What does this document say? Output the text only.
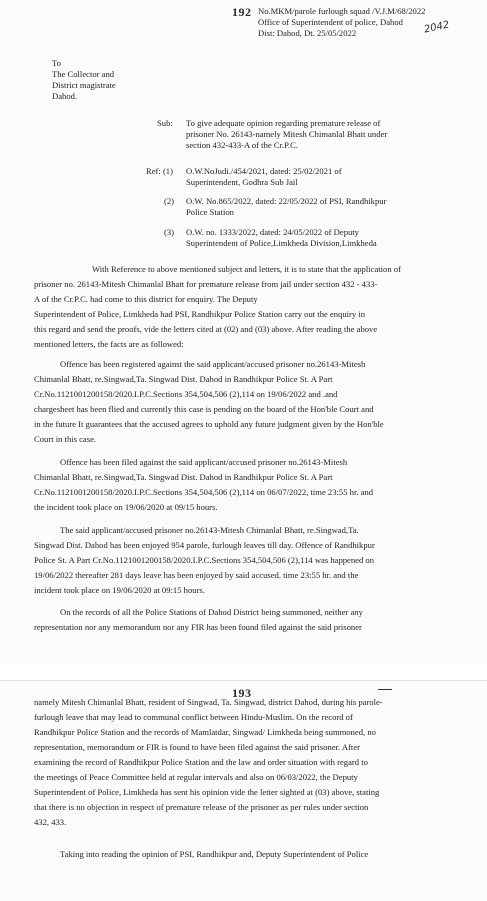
192
2042
No.MKM/parole furlough squad /V.J.M/68/2022
Office of Superintendent of police, Dahod
Dist: Dahod, Dt. 25/05/2022
To
The Collector and
District magistrate
Dahod.
Sub: To give adequate opinion regarding premature release of
prisoner No. 26143-namely Mitesh Chimanlal Bhatt under
section 432-433-A of the Cr.P.C.
Ref: (1) O.W.NoJudi./454/2021, dated: 25/02/2021 of
Superintendent, Godhra Sub Jail
(2) O.W. No.865/2022, dated: 22/05/2022 of PSI, Randhikpur
Police Station
(3) O.W. no. 1333/2022, dated: 24/05/2022 of Deputy
Superintendent of Police,Limkheda Division,Limkheda
With Reference to above mentioned subject and letters, it is to state that the application of
prisoner no. 26143-Mitesh Chimanlal Bhatt for premature release from jail under section 432 - 433-
A of the Cr.P.C. had come to this district for enquiry. The Deputy
Superintendent of Police, Limkheda had PSI, Randhikpur Police Station carry out the enquiry in
this regard and send the proofs, vide the letters cited at (02) and (03) above. After reading the above
mentioned letters, the facts are as followed:
Offence has been registered against the said applicant/accused prisoner no.26143-Mitesh
Chimanlal Bhatt, re.Singwad,Ta. Singwad Dist. Dahod in Randhikpur Police St. A Part
Cr.No.1121001200158/2020.I.P.C.Sections 354,504,506 (2),114 on 19/06/2022 and .and
chargesheet has been flied and currently this case is pending on the board of the Hon'ble Court and
in the future It guarantees that the accused agrees to uphold any future judgment given by the Hon'ble
Court in this case.
Offence has been filed against the said applicant/accused prisoner no.26143-Mitesh
Chimanlal Bhatt, re.Singwad,Ta. Singwad Dist. Dahod in Randhikpur Police St. A Part
Cr.No.1121001200158/2020.I.P.C.Sections 354,504,506 (2),114 on 06/07/2022, time 23:55 hr. and
the incident took place on 19/06/2020 at 09/15 hours.
The said applicant/accused prisoner no.26143-Mitesh Chimanlal Bhatt, re.Singwad,Ta.
Singwad Dist. Dahod has been enjoyed 954 parole, furlough leaves till day. Offence of Randhikpur
Police St. A Part Cr.No.1121001200158/2020.I.P.C.Sections 354,504,506 (2),114 was happened on
19/06/2022 thereafter 281 days leave has been enjoyed by said accused. time 23:55 hr. and the
incident took place on 19/06/2020 at 09:15 hours.
On the records of all the Police Stations of Dahod District being summoned, neither any
representation nor any memorandum nor any FIR has been found filed against the said prisoner
193
namely Mitesh Chimanlal Bhatt, resident of Singwad, Ta. Singwad, district Dahod, during his parole-
furlough leave that may lead to communal conflict between Hindu-Muslim. On the record of
Randhikpur Police Station and the records of Mamlatdar, Singwad/ Limkheda being summoned, no
representation, memorandum or FIR is found to have been filed against the said prisoner. After
examining the record of Randhikpur Police Station and the law and order situation with regard to
the meetings of Peace Committee held at regular intervals and also on 06/03/2022, the Deputy
Superintendent of Police, Limkheda has sent his opinion vide the letter sighted at (03) above, stating
that there is no objection in respect of premature release of the prisoner as per rules under section
432, 433.
Taking into reading the opinion of PSI, Randhikpur and, Deputy Superintendent of Police
